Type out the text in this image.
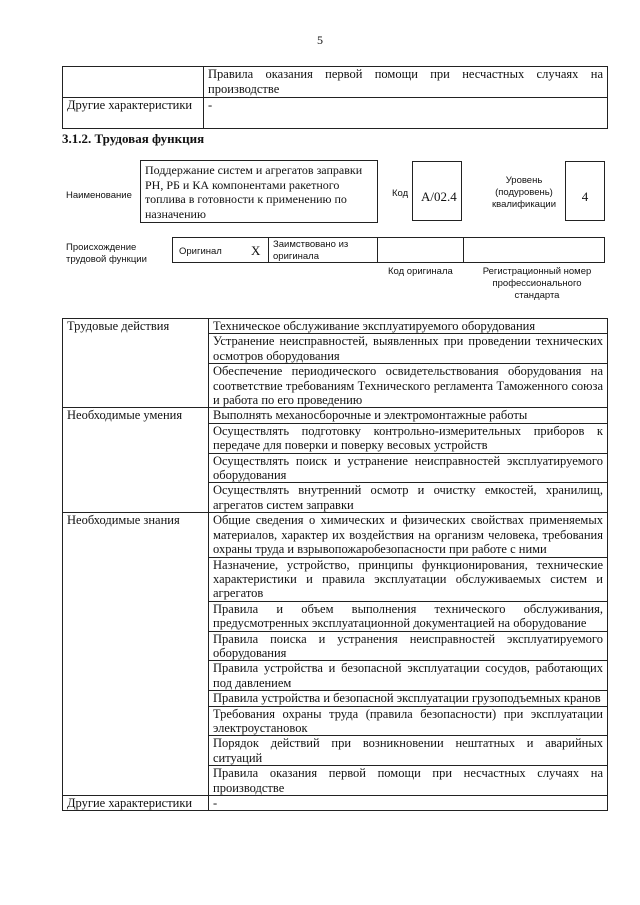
5
	Правила оказания первой помощи при несчастных случаях на производстве
Другие характеристики	-
3.1.2. Трудовая функция
Наименование
Поддержание систем и агрегатов заправки РН, РБ и КА компонентами ракетного топлива в готовности к применению по назначению
Код А/02.4
Уровень (подуровень) квалификации
4
Происхождение трудовой функции
Оригинал X Заимствовано из оригинала
Код оригинала	Регистрационный номер профессионального стандарта
Трудовые действия	Техническое обслуживание эксплуатируемого оборудования
	Устранение неисправностей, выявленных при проведении технических осмотров оборудования
	Обеспечение периодического освидетельствования оборудования на соответствие требованиям Технического регламента Таможенного союза и работа по его проведению
Необходимые умения	Выполнять механосборочные и электромонтажные работы
	Осуществлять подготовку контрольно-измерительных приборов к передаче для поверки и поверку весовых устройств
	Осуществлять поиск и устранение неисправностей эксплуатируемого оборудования
	Осуществлять внутренний осмотр и очистку емкостей, хранилищ, агрегатов систем заправки
Необходимые знания	Общие сведения о химических и физических свойствах применяемых материалов, характер их воздействия на организм человека, требования охраны труда и взрывопожаробезопасности при работе с ними
	Назначение, устройство, принципы функционирования, технические характеристики и правила эксплуатации обслуживаемых систем и агрегатов
	Правила и объем выполнения технического обслуживания, предусмотренных эксплуатационной документацией на оборудование
	Правила поиска и устранения неисправностей эксплуатируемого оборудования
	Правила устройства и безопасной эксплуатации сосудов, работающих под давлением
	Правила устройства и безопасной эксплуатации грузоподъемных кранов
	Требования охраны труда (правила безопасности) при эксплуатации электроустановок
	Порядок действий при возникновении нештатных и аварийных ситуаций
	Правила оказания первой помощи при несчастных случаях на производстве
Другие характеристики	-
